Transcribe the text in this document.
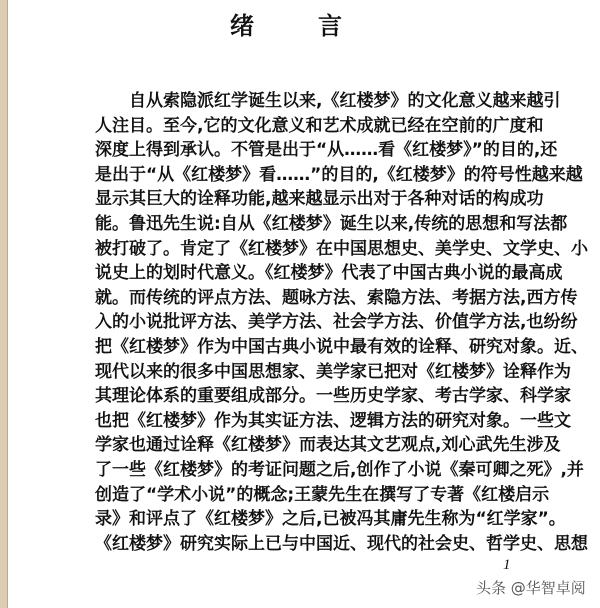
绪	言
自从索隐派红学诞生以来,《红楼梦》的文化意义越来越引
人注目。至今,它的文化意义和艺术成就已经在空前的广度和
深度上得到承认。不管是出于“从……看《红楼梦》”的目的,还
是出于“从《红楼梦》看……”的目的,《红楼梦》的符号性越来越
显示其巨大的诠释功能,越来越显示出对于各种对话的构成功
能。鲁迅先生说:自从《红楼梦》诞生以来,传统的思想和写法都
被打破了。肯定了《红楼梦》在中国思想史、美学史、文学史、小
说史上的划时代意义。《红楼梦》代表了中国古典小说的最高成
就。而传统的评点方法、题咏方法、索隐方法、考据方法,西方传
入的小说批评方法、美学方法、社会学方法、价值学方法,也纷纷
把《红楼梦》作为中国古典小说中最有效的诠释、研究对象。近、
现代以来的很多中国思想家、美学家已把对《红楼梦》诠释作为
其理论体系的重要组成部分。一些历史学家、考古学家、科学家
也把《红楼梦》作为其实证方法、逻辑方法的研究对象。一些文
学家也通过诠释《红楼梦》而表达其文艺观点,刘心武先生涉及
了一些《红楼梦》的考证问题之后,创作了小说《秦可卿之死》,并
创造了“学术小说”的概念;王蒙先生在撰写了专著《红楼启示
录》和评点了《红楼梦》之后,已被冯其庸先生称为“红学家”。
《红楼梦》研究实际上已与中国近、现代的社会史、哲学史、思想
1
头条 @华智卓阅
